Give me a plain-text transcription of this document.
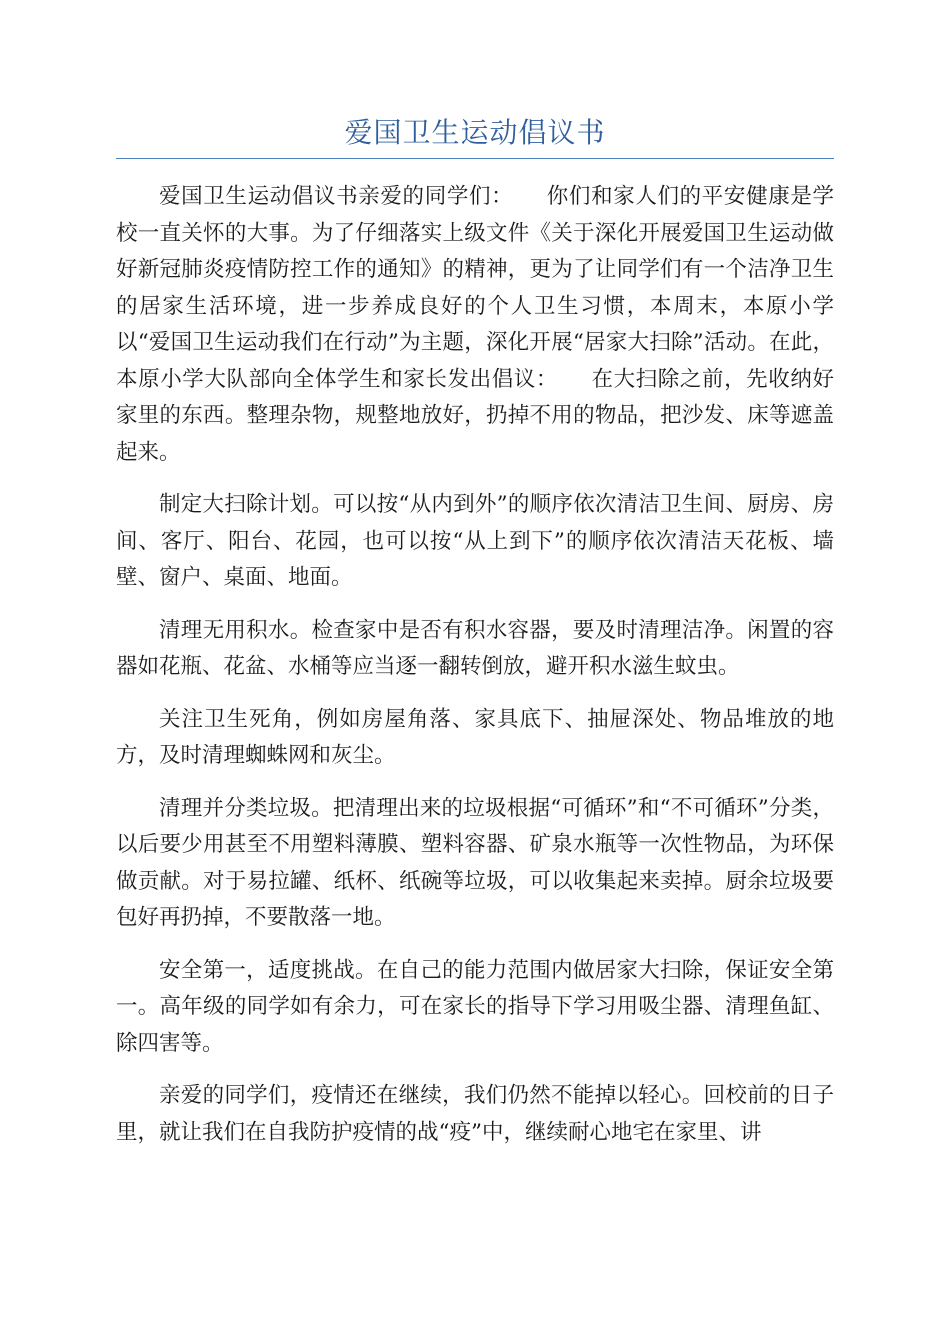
爱国卫生运动倡议书

爱国卫生运动倡议书亲爱的同学们：　　你们和家人们的平安健康是学校一直关怀的大事。为了仔细落实上级文件《关于深化开展爱国卫生运动做好新冠肺炎疫情防控工作的通知》的精神，更为了让同学们有一个洁净卫生的居家生活环境，进一步养成良好的个人卫生习惯，本周末，本原小学以“爱国卫生运动我们在行动”为主题，深化开展“居家大扫除”活动。在此，本原小学大队部向全体学生和家长发出倡议：　　在大扫除之前，先收纳好家里的东西。整理杂物，规整地放好，扔掉不用的物品，把沙发、床等遮盖起来。

制定大扫除计划。可以按“从内到外”的顺序依次清洁卫生间、厨房、房间、客厅、阳台、花园，也可以按“从上到下”的顺序依次清洁天花板、墙壁、窗户、桌面、地面。

清理无用积水。检查家中是否有积水容器，要及时清理洁净。闲置的容器如花瓶、花盆、水桶等应当逐一翻转倒放，避开积水滋生蚊虫。

关注卫生死角，例如房屋角落、家具底下、抽屉深处、物品堆放的地方，及时清理蜘蛛网和灰尘。

清理并分类垃圾。把清理出来的垃圾根据“可循环”和“不可循环”分类，以后要少用甚至不用塑料薄膜、塑料容器、矿泉水瓶等一次性物品，为环保做贡献。对于易拉罐、纸杯、纸碗等垃圾，可以收集起来卖掉。厨余垃圾要包好再扔掉，不要散落一地。

安全第一，适度挑战。在自己的能力范围内做居家大扫除，保证安全第一。高年级的同学如有余力，可在家长的指导下学习用吸尘器、清理鱼缸、除四害等。

亲爱的同学们，疫情还在继续，我们仍然不能掉以轻心。回校前的日子里，就让我们在自我防护疫情的战“疫”中，继续耐心地宅在家里、讲
